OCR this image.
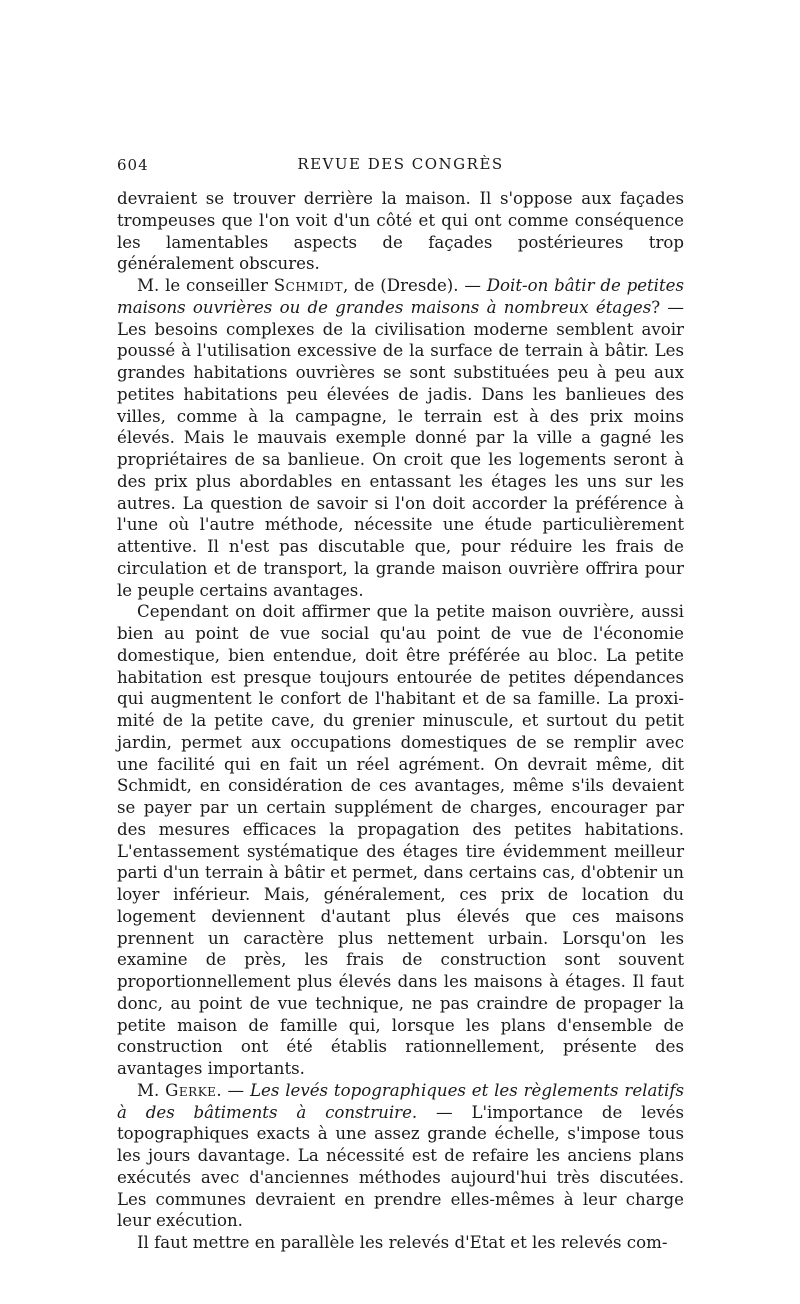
604	REVUE DES CONGRÈS

devraient se trouver derrière la maison. Il s'oppose aux façades trompeuses que l'on voit d'un côté et qui ont comme conséquence les lamentables aspects de façades postérieures trop généralement obscures.

M. le conseiller Schmidt, de (Dresde). — Doit-on bâtir de petites maisons ouvrières ou de grandes maisons à nombreux étages? — Les besoins complexes de la civilisation moderne semblent avoir poussé à l'utilisation excessive de la surface de terrain à bâtir. Les grandes habitations ouvrières se sont substituées peu à peu aux petites habitations peu élevées de jadis. Dans les banlieues des villes, comme à la campagne, le terrain est à des prix moins élevés. Mais le mauvais exemple donné par la ville a gagné les propriétaires de sa banlieue. On croit que les logements seront à des prix plus abordables en entassant les étages les uns sur les autres. La question de savoir si l'on doit accorder la préférence à l'une où l'autre méthode, nécessite une étude particulièrement attentive. Il n'est pas discutable que, pour réduire les frais de circulation et de transport, la grande maison ouvrière offrira pour le peuple certains avantages.

Cependant on doit affirmer que la petite maison ouvrière, aussi bien au point de vue social qu'au point de vue de l'économie domestique, bien entendue, doit être préférée au bloc. La petite habitation est presque toujours entourée de petites dépendances qui augmentent le confort de l'habitant et de sa famille. La proximité de la petite cave, du grenier minuscule, et surtout du petit jardin, permet aux occupations domestiques de se remplir avec une facilité qui en fait un réel agrément. On devrait même, dit Schmidt, en considération de ces avantages, même s'ils devaient se payer par un certain supplément de charges, encourager par des mesures efficaces la propagation des petites habitations. L'entassement systématique des étages tire évidemment meilleur parti d'un terrain à bâtir et permet, dans certains cas, d'obtenir un loyer inférieur. Mais, généralement, ces prix de location du logement deviennent d'autant plus élevés que ces maisons prennent un caractère plus nettement urbain. Lorsqu'on les examine de près, les frais de construction sont souvent proportionnellement plus élevés dans les maisons à étages. Il faut donc, au point de vue technique, ne pas craindre de propager la petite maison de famille qui, lorsque les plans d'ensemble de construction ont été établis rationnellement, présente des avantages importants.

M. Gerke. — Les levés topographiques et les règlements relatifs à des bâtiments à construire. — L'importance de levés topographiques exacts à une assez grande échelle, s'impose tous les jours davantage. La nécessité est de refaire les anciens plans exécutés avec d'anciennes méthodes aujourd'hui très discutées. Les communes devraient en prendre elles-mêmes à leur charge leur exécution.

Il faut mettre en parallèle les relevés d'Etat et les relevés com-
